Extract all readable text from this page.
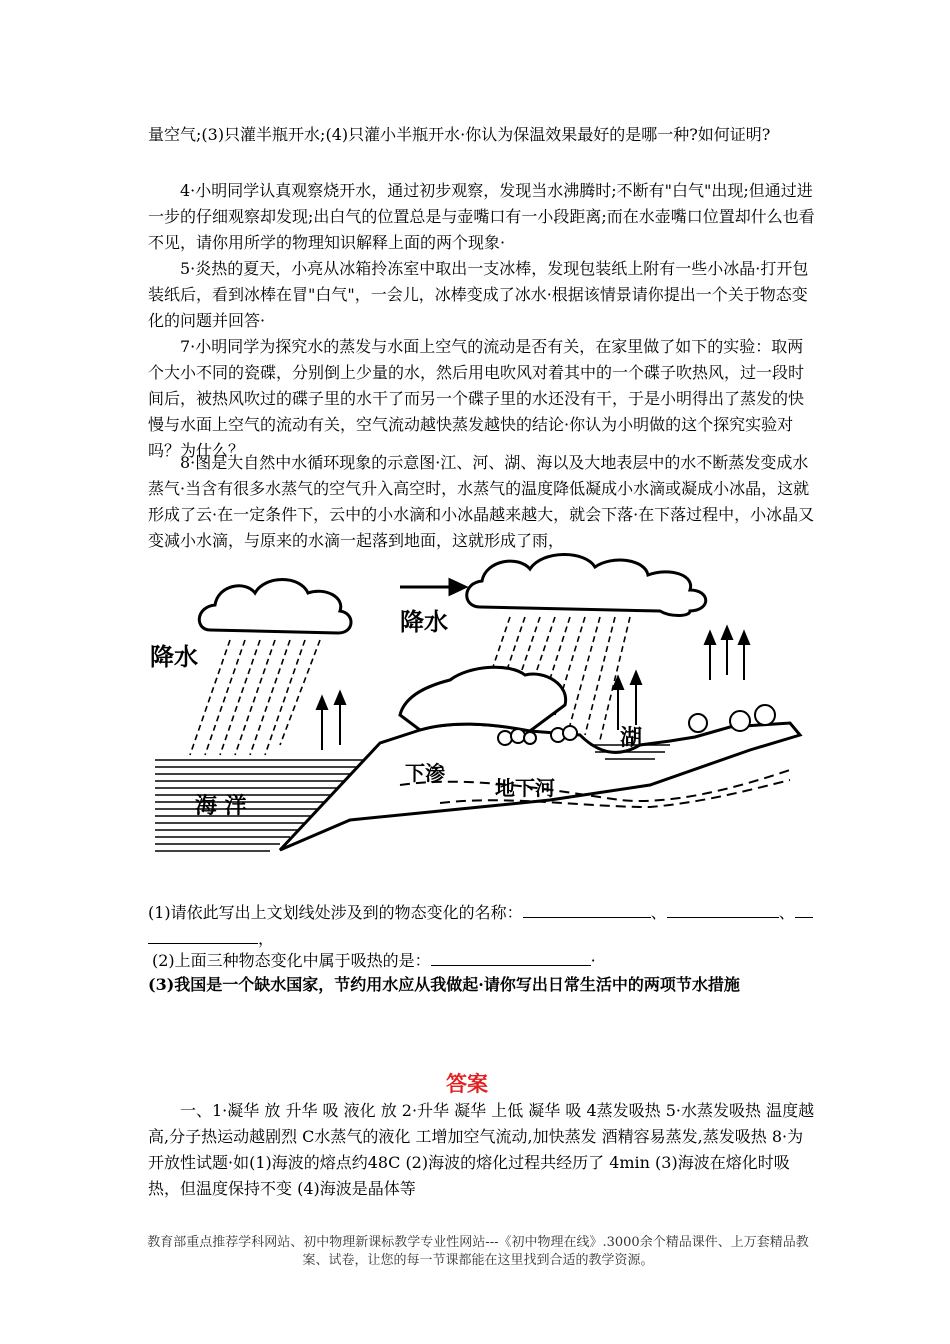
量空气;(3)只灌半瓶开水;(4)只灌小半瓶开水·你认为保温效果最好的是哪一种?如何证明?

4·小明同学认真观察烧开水，通过初步观察，发现当水沸腾时;不断有"白气"出现;但通过进一步的仔细观察却发现;出白气的位置总是与壶嘴口有一小段距离;而在水壶嘴口位置却什么也看不见，请你用所学的物理知识解释上面的两个现象·

5·炎热的夏天，小亮从冰箱拎冻室中取出一支冰棒，发现包装纸上附有一些小冰晶·打开包装纸后，看到冰棒在冒"白气"，一会儿，冰棒变成了冰水·根据该情景请你提出一个关于物态变化的问题并回答·

7·小明同学为探究水的蒸发与水面上空气的流动是否有关，在家里做了如下的实验：取两个大小不同的瓷碟，分别倒上少量的水，然后用电吹风对着其中的一个碟子吹热风，过一段时间后，被热风吹过的碟子里的水干了而另一个碟子里的水还没有干，于是小明得出了蒸发的快慢与水面上空气的流动有关，空气流动越快蒸发越快的结论·你认为小明做的这个探究实验对吗？为什么？

8·图是大自然中水循环现象的示意图·江、河、湖、海以及大地表层中的水不断蒸发变成水蒸气·当含有很多水蒸气的空气升入高空时，水蒸气的温度降低凝成小水滴或凝成小冰晶，这就形成了云·在一定条件下，云中的小水滴和小冰晶越来越大，就会下落·在下落过程中，小冰晶又变减小水滴，与原来的水滴一起落到地面，这就形成了雨，

降水
降水
湖
下渗
地下河
海 洋

(1)请依此写出上文划线处涉及到的物态变化的名称：	、	、
，

(2)上面三种物态变化中属于吸热的是：	·

(3)我国是一个缺水国家，节约用水应从我做起·请你写出日常生活中的两项节水措施

答案

一、1·凝华 放 升华 吸 液化 放 2·升华 凝华 上低 凝华 吸 4蒸发吸热 5·水蒸发吸热 温度越高,分子热运动越剧烈 C水蒸气的液化 工增加空气流动,加快蒸发 酒精容易蒸发,蒸发吸热 8·为开放性试题·如(1)海波的熔点约48C (2)海波的熔化过程共经历了 4min (3)海波在熔化时吸热，但温度保持不变 (4)海波是晶体等

教育部重点推荐学科网站、初中物理新课标教学专业性网站---《初中物理在线》.3000余个精品课件、上万套精品教案、试卷，让您的每一节课都能在这里找到合适的教学资源。
